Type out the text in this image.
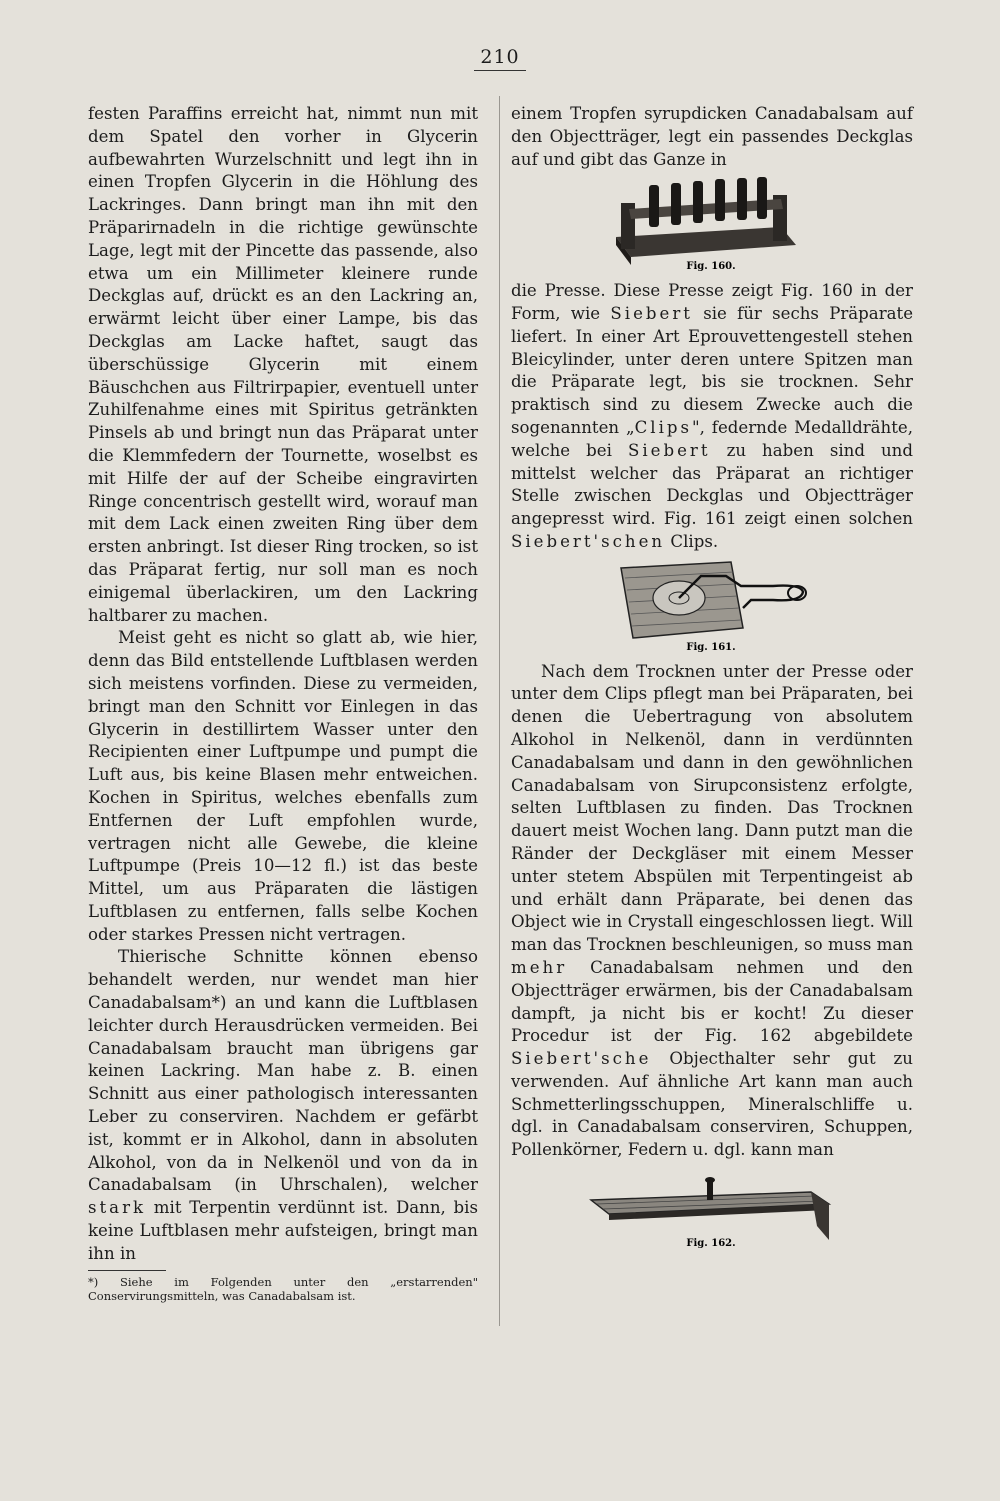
210

festen Paraffins erreicht hat, nimmt nun mit dem Spatel den vorher in Glycerin aufbewahrten Wurzelschnitt und legt ihn in einen Tropfen Glycerin in die Höhlung des Lackringes. Dann bringt man ihn mit den Präparirnadeln in die richtige gewünschte Lage, legt mit der Pincette das passende, also etwa um ein Millimeter kleinere runde Deckglas auf, drückt es an den Lackring an, erwärmt leicht über einer Lampe, bis das Deckglas am Lacke haftet, saugt das überschüssige Glycerin mit einem Bäuschchen aus Filtrirpapier, eventuell unter Zuhilfenahme eines mit Spiritus getränkten Pinsels ab und bringt nun das Präparat unter die Klemmfedern der Tournette, woselbst es mit Hilfe der auf der Scheibe eingravirten Ringe concentrisch gestellt wird, worauf man mit dem Lack einen zweiten Ring über dem ersten anbringt. Ist dieser Ring trocken, so ist das Präparat fertig, nur soll man es noch einigemal überlackiren, um den Lackring haltbarer zu machen.

Meist geht es nicht so glatt ab, wie hier, denn das Bild entstellende Luftblasen werden sich meistens vorfinden. Diese zu vermeiden, bringt man den Schnitt vor Einlegen in das Glycerin in destillirtem Wasser unter den Recipienten einer Luftpumpe und pumpt die Luft aus, bis keine Blasen mehr entweichen. Kochen in Spiritus, welches ebenfalls zum Entfernen der Luft empfohlen wurde, vertragen nicht alle Gewebe, die kleine Luftpumpe (Preis 10—12 fl.) ist das beste Mittel, um aus Präparaten die lästigen Luftblasen zu entfernen, falls selbe Kochen oder starkes Pressen nicht vertragen.

Thierische Schnitte können ebenso behandelt werden, nur wendet man hier Canadabalsam*) an und kann die Luftblasen leichter durch Herausdrücken vermeiden. Bei Canadabalsam braucht man übrigens gar keinen Lackring. Man habe z. B. einen Schnitt aus einer pathologisch interessanten Leber zu conserviren. Nachdem er gefärbt ist, kommt er in Alkohol, dann in absoluten Alkohol, von da in Nelkenöl und von da in Canadabalsam (in Uhrschalen), welcher stark mit Terpentin verdünnt ist. Dann, bis keine Luftblasen mehr aufsteigen, bringt man ihn in

*) Siehe im Folgenden unter den „erstarrenden" Conservirungsmitteln, was Canadabalsam ist.

einem Tropfen syrupdicken Canadabalsam auf den Objectträger, legt ein passendes Deckglas auf und gibt das Ganze in

Fig. 160.

die Presse. Diese Presse zeigt Fig. 160 in der Form, wie Siebert sie für sechs Präparate liefert. In einer Art Eprouvettengestell stehen Bleicylinder, unter deren untere Spitzen man die Präparate legt, bis sie trocknen. Sehr praktisch sind zu diesem Zwecke auch die sogenannten „Clips", federnde Medalldrähte, welche bei Siebert zu haben sind und mittelst welcher das Präparat an richtiger Stelle zwischen Deckglas und Objectträger angepresst wird. Fig. 161 zeigt einen solchen Siebert'schen Clips.

Fig. 161.

Nach dem Trocknen unter der Presse oder unter dem Clips pflegt man bei Präparaten, bei denen die Uebertragung von absolutem Alkohol in Nelkenöl, dann in verdünnten Canadabalsam und dann in den gewöhnlichen Canadabalsam von Sirupconsistenz erfolgte, selten Luftblasen zu finden. Das Trocknen dauert meist Wochen lang. Dann putzt man die Ränder der Deckgläser mit einem Messer unter stetem Abspülen mit Terpentingeist ab und erhält dann Präparate, bei denen das Object wie in Crystall eingeschlossen liegt. Will man das Trocknen beschleunigen, so muss man mehr Canadabalsam nehmen und den Objectträger erwärmen, bis der Canadabalsam dampft, ja nicht bis er kocht! Zu dieser Procedur ist der Fig. 162 abgebildete Siebert'sche Objecthalter sehr gut zu verwenden. Auf ähnliche Art kann man auch Schmetterlingsschuppen, Mineralschliffe u. dgl. in Canadabalsam conserviren, Schuppen, Pollenkörner, Federn u. dgl. kann man

Fig. 162.
